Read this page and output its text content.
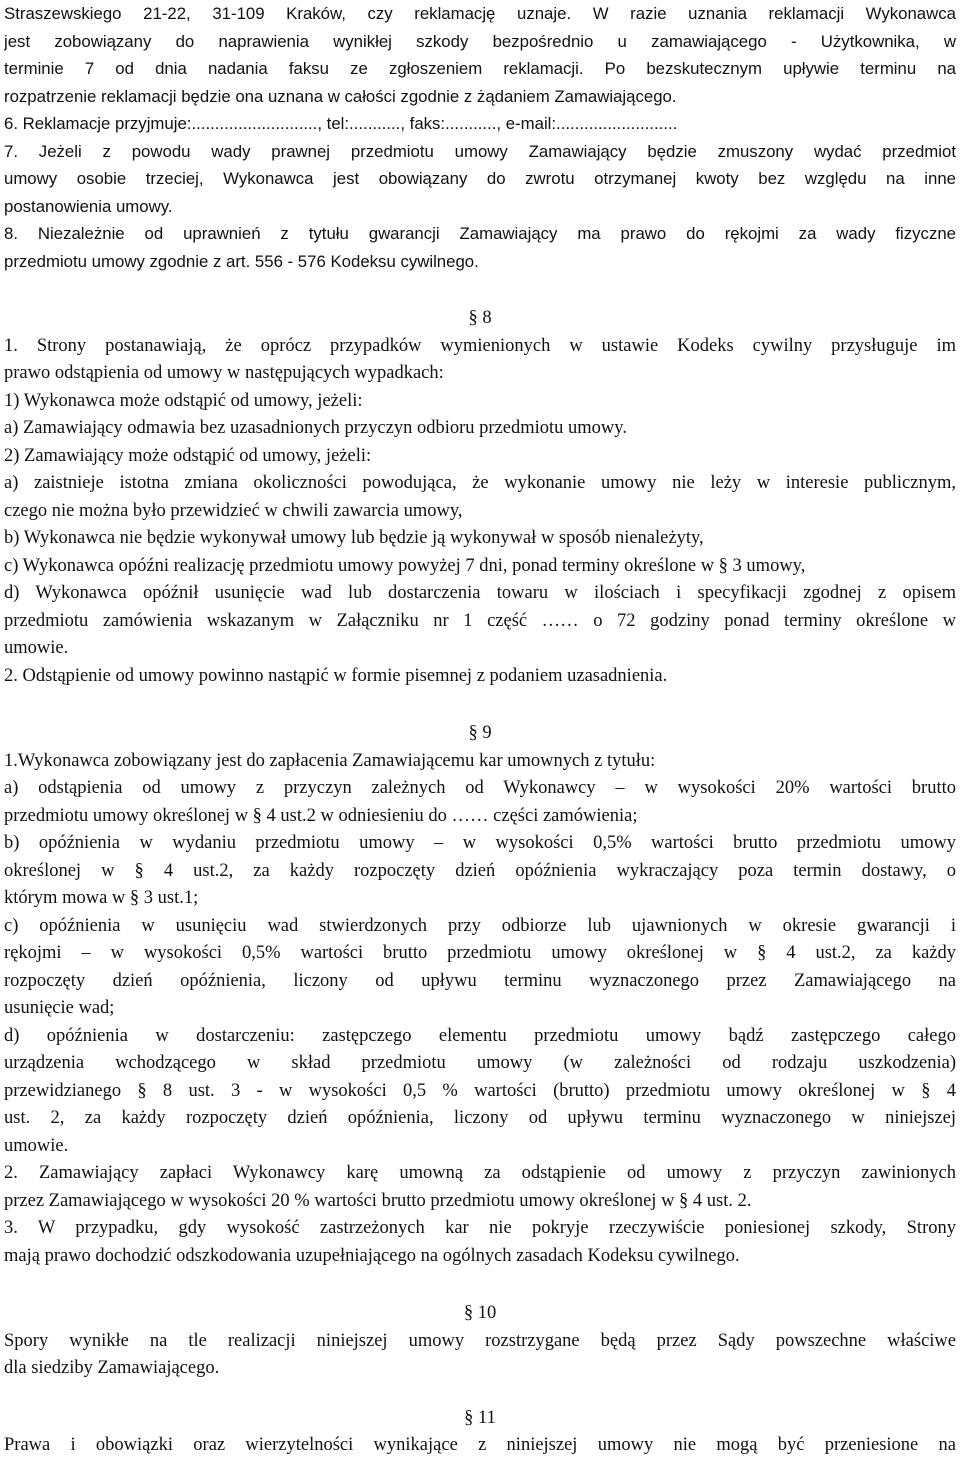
Straszewskiego 21-22, 31-109 Kraków, czy reklamację uznaje. W razie uznania reklamacji Wykonawca
jest zobowiązany do naprawienia wynikłej szkody bezpośrednio u zamawiającego - Użytkownika, w
terminie 7 od dnia nadania faksu ze zgłoszeniem reklamacji. Po bezskutecznym upływie terminu na
rozpatrzenie reklamacji będzie ona uznana w całości zgodnie z żądaniem Zamawiającego.
6. Reklamacje przyjmuje:..........................., tel:..........., faks:..........., e-mail:..........................
7. Jeżeli z powodu wady prawnej przedmiotu umowy Zamawiający będzie zmuszony wydać przedmiot
umowy osobie trzeciej, Wykonawca jest obowiązany do zwrotu otrzymanej kwoty bez względu na inne
postanowienia umowy.
8. Niezależnie od uprawnień z tytułu gwarancji Zamawiający ma prawo do rękojmi za wady fizyczne
przedmiotu umowy zgodnie z art. 556 - 576 Kodeksu cywilnego.
§ 8
1. Strony postanawiają, że oprócz przypadków wymienionych w ustawie Kodeks cywilny przysługuje im
prawo odstąpienia od umowy w następujących wypadkach:
1) Wykonawca może odstąpić od umowy, jeżeli:
a) Zamawiający odmawia bez uzasadnionych przyczyn odbioru przedmiotu umowy.
2) Zamawiający może odstąpić od umowy, jeżeli:
a) zaistnieje istotna zmiana okoliczności powodująca, że wykonanie umowy nie leży w interesie publicznym,
czego nie można było przewidzieć w chwili zawarcia umowy,
b) Wykonawca nie będzie wykonywał umowy lub będzie ją wykonywał w sposób nienależyty,
c) Wykonawca opóźni realizację przedmiotu umowy powyżej 7 dni, ponad terminy określone w § 3 umowy,
d) Wykonawca opóźnił usunięcie wad lub dostarczenia towaru w ilościach i specyfikacji zgodnej z opisem
przedmiotu zamówienia wskazanym w Załączniku nr 1 część …… o 72 godziny ponad terminy określone w
umowie.
2. Odstąpienie od umowy powinno nastąpić w formie pisemnej z podaniem uzasadnienia.
§ 9
1.Wykonawca zobowiązany jest do zapłacenia Zamawiającemu kar umownych z tytułu:
a) odstąpienia od umowy z przyczyn zależnych od Wykonawcy – w wysokości 20% wartości brutto
przedmiotu umowy określonej w § 4 ust.2 w odniesieniu do …… części zamówienia;
b) opóźnienia w wydaniu przedmiotu umowy – w wysokości 0,5% wartości brutto przedmiotu umowy
określonej w § 4 ust.2, za każdy rozpoczęty dzień opóźnienia wykraczający poza termin dostawy, o
którym mowa w § 3 ust.1;
c) opóźnienia w usunięciu wad stwierdzonych przy odbiorze lub ujawnionych w okresie gwarancji i
rękojmi – w wysokości 0,5% wartości brutto przedmiotu umowy określonej w § 4 ust.2, za każdy
rozpoczęty dzień opóźnienia, liczony od upływu terminu wyznaczonego przez Zamawiającego na
usunięcie wad;
d) opóźnienia w dostarczeniu: zastępczego elementu przedmiotu umowy bądź zastępczego całego
urządzenia wchodzącego w skład przedmiotu umowy (w zależności od rodzaju uszkodzenia)
przewidzianego § 8 ust. 3 - w wysokości 0,5 % wartości (brutto) przedmiotu umowy określonej w § 4
ust. 2, za każdy rozpoczęty dzień opóźnienia, liczony od upływu terminu wyznaczonego w niniejszej
umowie.
2. Zamawiający zapłaci Wykonawcy karę umowną za odstąpienie od umowy z przyczyn zawinionych
przez Zamawiającego w wysokości 20 % wartości brutto przedmiotu umowy określonej w § 4 ust. 2.
3. W przypadku, gdy wysokość zastrzeżonych kar nie pokryje rzeczywiście poniesionej szkody, Strony
mają prawo dochodzić odszkodowania uzupełniającego na ogólnych zasadach Kodeksu cywilnego.
§ 10
Spory wynikłe na tle realizacji niniejszej umowy rozstrzygane będą przez Sądy powszechne właściwe
dla siedziby Zamawiającego.
§ 11
Prawa i obowiązki oraz wierzytelności wynikające z niniejszej umowy nie mogą być przeniesione na
